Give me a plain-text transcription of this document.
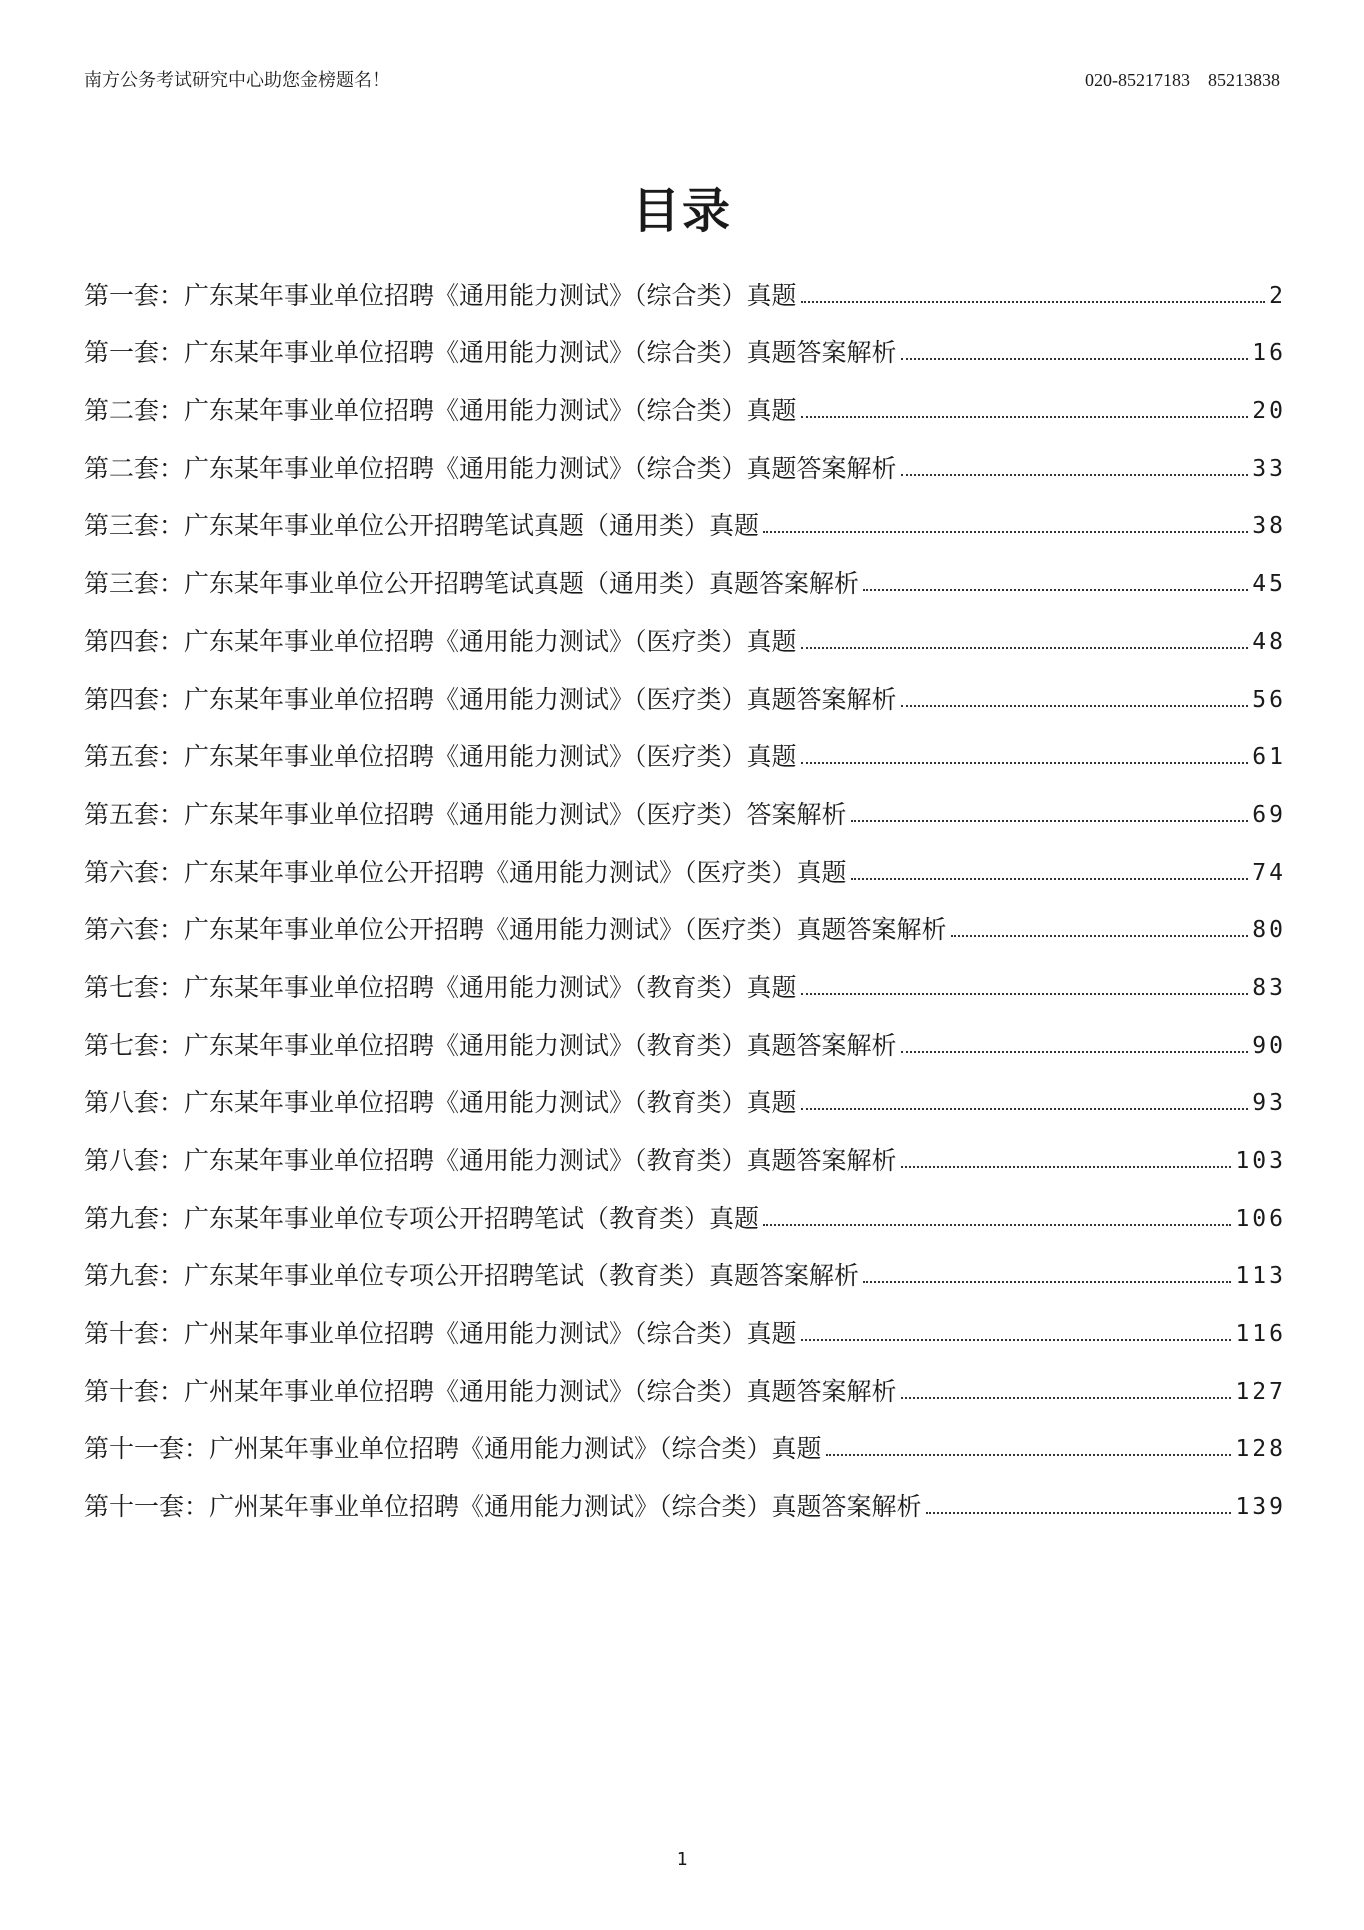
南方公务考试研究中心助您金榜题名！	020-85217183　85213838
目录
第一套：广东某年事业单位招聘《通用能力测试》（综合类）真题	2
第一套：广东某年事业单位招聘《通用能力测试》（综合类）真题答案解析	16
第二套：广东某年事业单位招聘《通用能力测试》（综合类）真题	20
第二套：广东某年事业单位招聘《通用能力测试》（综合类）真题答案解析	33
第三套：广东某年事业单位公开招聘笔试真题（通用类）真题	38
第三套：广东某年事业单位公开招聘笔试真题（通用类）真题答案解析	45
第四套：广东某年事业单位招聘《通用能力测试》（医疗类）真题	48
第四套：广东某年事业单位招聘《通用能力测试》（医疗类）真题答案解析	56
第五套：广东某年事业单位招聘《通用能力测试》（医疗类）真题	61
第五套：广东某年事业单位招聘《通用能力测试》（医疗类）答案解析	69
第六套：广东某年事业单位公开招聘《通用能力测试》（医疗类）真题	74
第六套：广东某年事业单位公开招聘《通用能力测试》（医疗类）真题答案解析	80
第七套：广东某年事业单位招聘《通用能力测试》（教育类）真题	83
第七套：广东某年事业单位招聘《通用能力测试》（教育类）真题答案解析	90
第八套：广东某年事业单位招聘《通用能力测试》（教育类）真题	93
第八套：广东某年事业单位招聘《通用能力测试》（教育类）真题答案解析	103
第九套：广东某年事业单位专项公开招聘笔试（教育类）真题	106
第九套：广东某年事业单位专项公开招聘笔试（教育类）真题答案解析	113
第十套：广州某年事业单位招聘《通用能力测试》（综合类）真题	116
第十套：广州某年事业单位招聘《通用能力测试》（综合类）真题答案解析	127
第十一套：广州某年事业单位招聘《通用能力测试》（综合类）真题	128
第十一套：广州某年事业单位招聘《通用能力测试》（综合类）真题答案解析	139
1
